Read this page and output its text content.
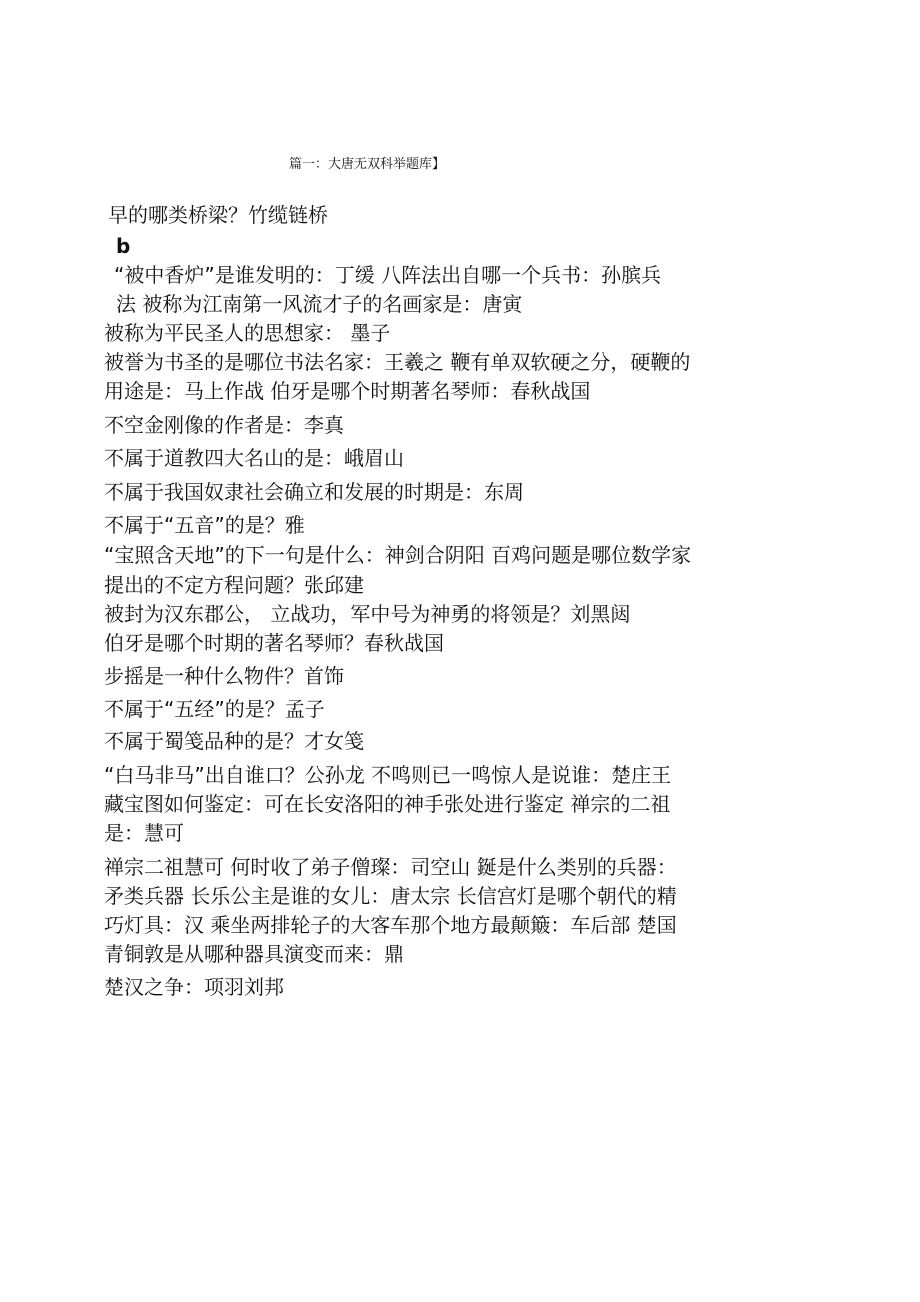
篇一：大唐无双科举题库】
早的哪类桥梁？竹缆链桥
b
“被中香炉”是谁发明的：丁缓 八阵法出自哪一个兵书：孙膑兵
法 被称为江南第一风流才子的名画家是：唐寅
被称为平民圣人的思想家： 墨子
被誉为书圣的是哪位书法名家：王羲之 鞭有单双软硬之分，硬鞭的
用途是：马上作战 伯牙是哪个时期著名琴师：春秋战国
不空金刚像的作者是：李真
不属于道教四大名山的是：峨眉山
不属于我国奴隶社会确立和发展的时期是：东周
不属于“五音”的是？雅
“宝照含天地”的下一句是什么：神剑合阴阳 百鸡问题是哪位数学家
提出的不定方程问题？张邱建
被封为汉东郡公， 立战功，军中号为神勇的将领是？刘黑闼
伯牙是哪个时期的著名琴师？春秋战国
步摇是一种什么物件？首饰
不属于“五经”的是？孟子
不属于蜀笺品种的是？才女笺
“白马非马”出自谁口？公孙龙 不鸣则已一鸣惊人是说谁：楚庄王
藏宝图如何鉴定：可在长安洛阳的神手张处进行鉴定 禅宗的二祖
是：慧可
禅宗二祖慧可 何时收了弟子僧璨：司空山 鋋是什么类别的兵器：
矛类兵器 长乐公主是谁的女儿：唐太宗 长信宫灯是哪个朝代的精
巧灯具：汉 乘坐两排轮子的大客车那个地方最颠簸：车后部 楚国
青铜敦是从哪种器具演变而来：鼎
楚汉之争：项羽刘邦
